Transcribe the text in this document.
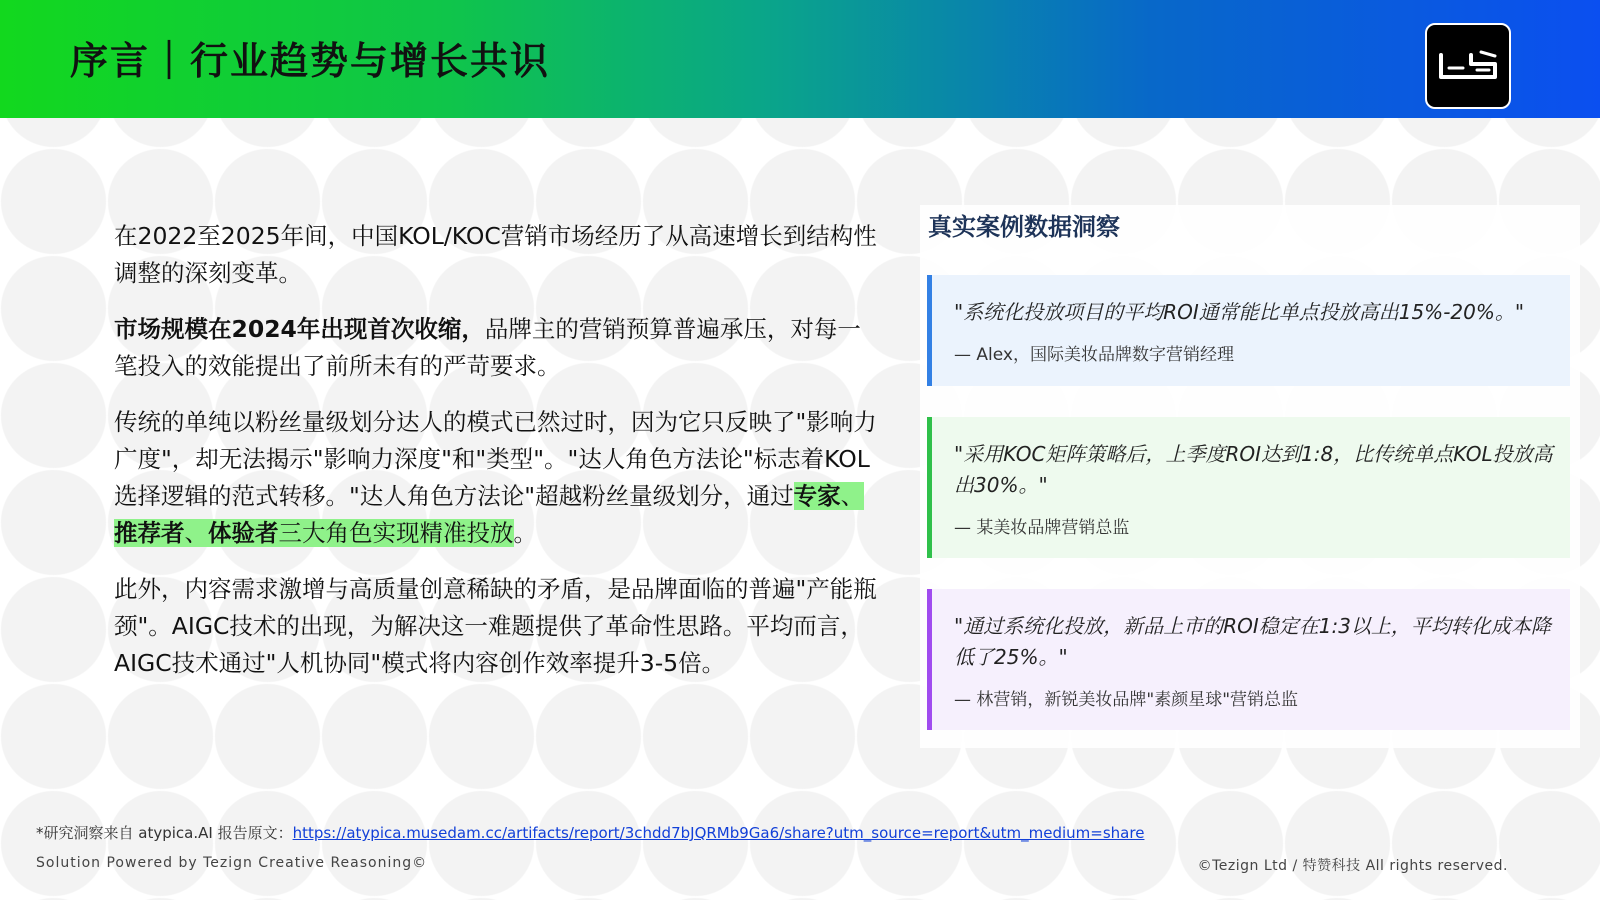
序言｜行业趋势与增长共识

在2022至2025年间，中国KOL/KOC营销市场经历了从高速增长到结构性调整的深刻变革。

市场规模在2024年出现首次收缩，品牌主的营销预算普遍承压，对每一笔投入的效能提出了前所未有的严苛要求。

传统的单纯以粉丝量级划分达人的模式已然过时，因为它只反映了"影响力广度"，却无法揭示"影响力深度"和"类型"。"达人角色方法论"标志着KOL选择逻辑的范式转移。"达人角色方法论"超越粉丝量级划分，通过专家、推荐者、体验者三大角色实现精准投放。

此外，内容需求激增与高质量创意稀缺的矛盾，是品牌面临的普遍"产能瓶颈"。AIGC技术的出现，为解决这一难题提供了革命性思路。平均而言，AIGC技术通过"人机协同"模式将内容创作效率提升3-5倍。

真实案例数据洞察
"系统化投放项目的平均ROI通常能比单点投放高出15%-20%。"
— Alex，国际美妆品牌数字营销经理
"采用KOC矩阵策略后，上季度ROI达到1:8，比传统单点KOL投放高出30%。"
— 某美妆品牌营销总监
"通过系统化投放，新品上市的ROI稳定在1:3以上，平均转化成本降低了25%。"
— 林营销，新锐美妆品牌"素颜星球"营销总监
*研究洞察来自 atypica.AI 报告原文：https://atypica.musedam.cc/artifacts/report/3chdd7bJQRMb9Ga6/share?utm_source=report&utm_medium=share
Solution Powered by Tezign Creative Reasoning©	©Tezign Ltd / 特赞科技 All rights reserved.
